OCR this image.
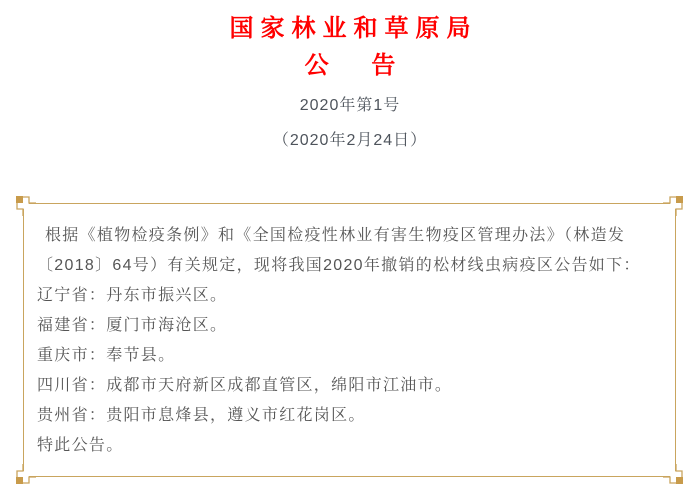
国家林业和草原局
公 告

2020年第1号

（2020年2月24日）

根据《植物检疫条例》和《全国检疫性林业有害生物疫区管理办法》（林造发
〔2018〕64号）有关规定，现将我国2020年撤销的松材线虫病疫区公告如下：
辽宁省：丹东市振兴区。
福建省：厦门市海沧区。
重庆市：奉节县。
四川省：成都市天府新区成都直管区，绵阳市江油市。
贵州省：贵阳市息烽县，遵义市红花岗区。
特此公告。
